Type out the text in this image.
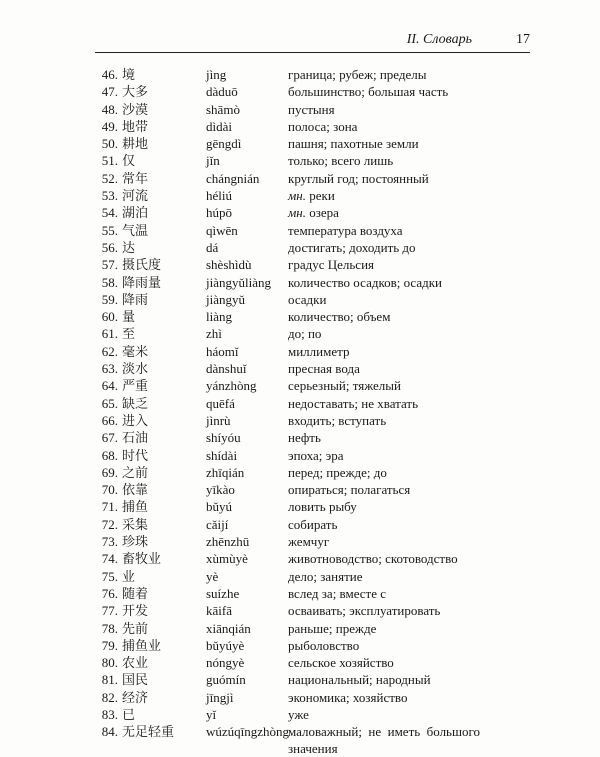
II. Словарь	17
46. 境	jìng	граница; рубеж; пределы
47. 大多	dàduō	большинство; большая часть
48. 沙漠	shāmò	пустыня
49. 地带	dìdài	полоса; зона
50. 耕地	gēngdì	пашня; пахотные земли
51. 仅	jǐn	только; всего лишь
52. 常年	chángnián круглый год; постоянный
53. 河流	héliú	мн. реки
54. 湖泊	húpō	мн. озера
55. 气温	qìwēn	температура воздуха
56. 达	dá	достигать; доходить до
57. 摄氏度	shèshìdù	градус Цельсия
58. 降雨量	jiàngyǔliàng количество осадков; осадки
59. 降雨	jiàngyǔ	осадки
60. 量	liàng	количество; объем
61. 至	zhì	до; по
62. 毫米	háomǐ	миллиметр
63. 淡水	dànshuǐ	пресная вода
64. 严重	yánzhòng серьезный; тяжелый
65. 缺乏	quēfá	недоставать; не хватать
66. 进入	jìnrù	входить; вступать
67. 石油	shíyóu	нефть
68. 时代	shídài	эпоха; эра
69. 之前	zhīqián	перед; прежде; до
70. 依靠	yīkào	опираться; полагаться
71. 捕鱼	bǔyú	ловить рыбу
72. 采集	cǎijí	собирать
73. 珍珠	zhēnzhū	жемчуг
74. 畜牧业	xùmùyè	животноводство; скотоводство
75. 业	yè	дело; занятие
76. 随着	suízhe	вслед за; вместе с
77. 开发	kāifā	осваивать; эксплуатировать
78. 先前	xiānqián	раньше; прежде
79. 捕鱼业	bǔyúyè	рыболовство
80. 农业	nóngyè	сельское хозяйство
81. 国民	guómín	национальный; народный
82. 经济	jīngjì	экономика; хозяйство
83. 已	yǐ	уже
84. 无足轻重 wúzúqīngzhòng
маловажный; не иметь большого
значения
